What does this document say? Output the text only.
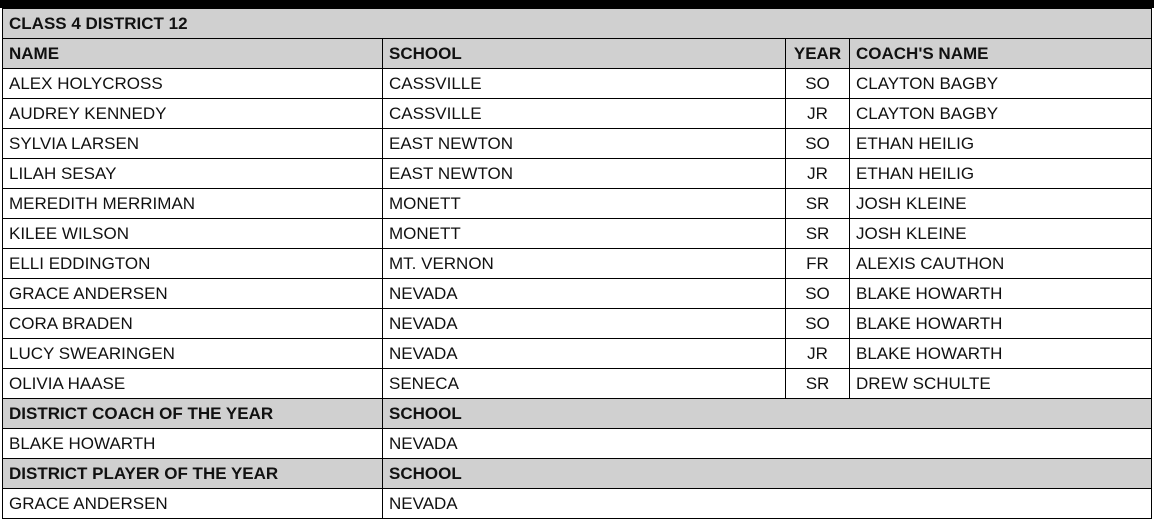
CLASS 4 DISTRICT 12			
NAME	SCHOOL	YEAR	COACH'S NAME
ALEX HOLYCROSS	CASSVILLE	SO	CLAYTON BAGBY
AUDREY KENNEDY	CASSVILLE	JR	CLAYTON BAGBY
SYLVIA LARSEN	EAST NEWTON	SO	ETHAN HEILIG
LILAH SESAY	EAST NEWTON	JR	ETHAN HEILIG
MEREDITH MERRIMAN	MONETT	SR	JOSH KLEINE
KILEE WILSON	MONETT	SR	JOSH KLEINE
ELLI EDDINGTON	MT. VERNON	FR	ALEXIS CAUTHON
GRACE ANDERSEN	NEVADA	SO	BLAKE HOWARTH
CORA BRADEN	NEVADA	SO	BLAKE HOWARTH
LUCY SWEARINGEN	NEVADA	JR	BLAKE HOWARTH
OLIVIA HAASE	SENECA	SR	DREW SCHULTE
DISTRICT COACH OF THE YEAR	SCHOOL		
BLAKE HOWARTH	NEVADA		
DISTRICT PLAYER OF THE YEAR	SCHOOL		
GRACE ANDERSEN	NEVADA		
